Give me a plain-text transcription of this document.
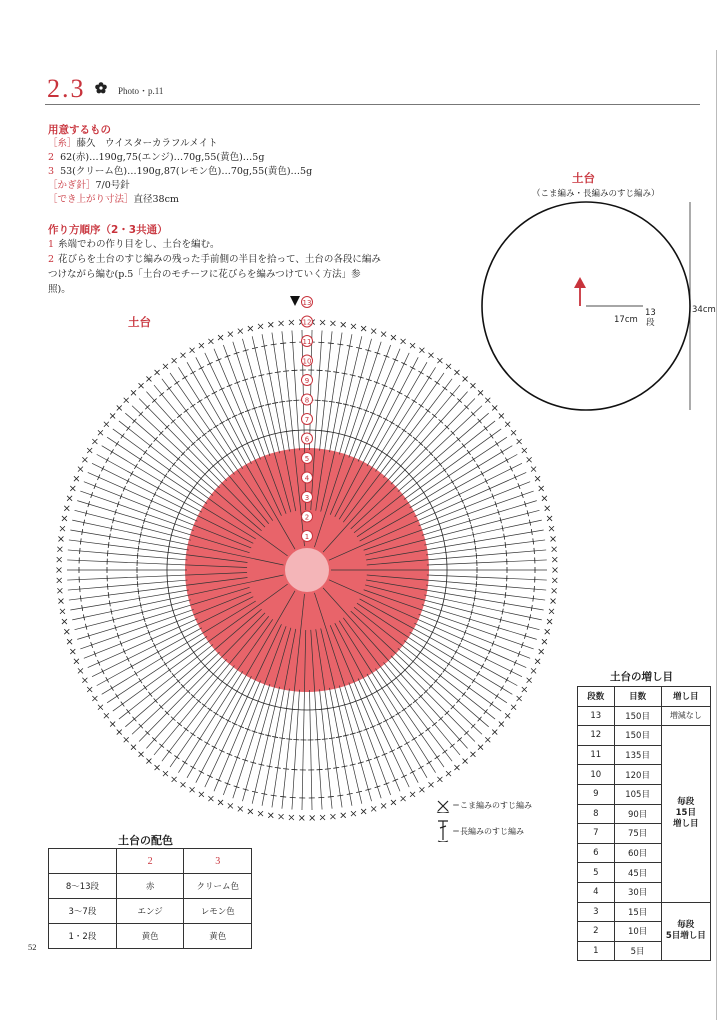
2.3	Photo・p.11
用意するもの
［糸］藤久　ウイスターカラフルメイト
2 62(赤)…190g,75(エンジ)…70g,55(黄色)…5g
3 53(クリーム色)…190g,87(レモン色)…70g,55(黄色)…5g
［かぎ針］7/0号針
［でき上がり寸法］直径38cm
作り方順序（2・3共通）
1 糸端でわの作り目をし、土台を編む。
2 花びらを土台のすじ編みの残った手前側の半目を拾って、土台の各段に編みつけながら編む(p.5「土台のモチーフに花びらを編みつけていく方法」参照)。
土台
13
12
11
10
9
8
7
6
5
4
3
2
1
土台
（こま編み・長編みのすじ編み）
17cm
13
段
34cm
＝こま編みのすじ編み
＝長編みのすじ編み
土台の配色
	2	3
8〜13段	赤	クリーム色
3〜7段	エンジ	レモン色
1・2段	黄色	黄色
土台の増し目
段数	目数	増し目
13	150目	増減なし
12	150目	毎段
15目
増し目
11	135目	
10	120目	
9	105目	
8	90目	
7	75目	
6	60目	
5	45目	
4	30目	
3	15目	毎段
5目増し目
2	10目	
1	5目	
52
